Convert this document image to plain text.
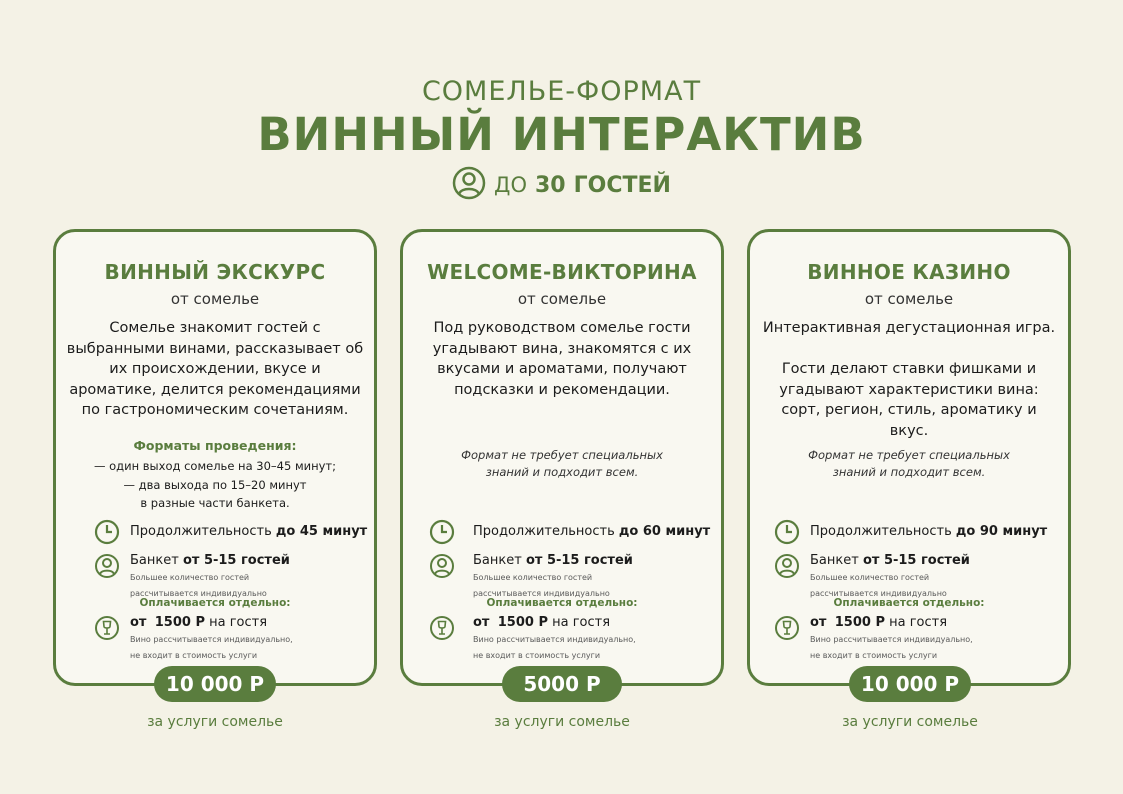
СОМЕЛЬЕ-ФОРМАТ
ВИННЫЙ ИНТЕРАКТИВ
ДО 30 ГОСТЕЙ
ВИННЫЙ ЭКСКУРС
от сомелье
Сомелье знакомит гостей с выбранными винами, рассказывает об их происхождении, вкусе и ароматике, делится рекомендациями по гастрономическим сочетаниям.
Форматы проведения:
— один выход сомелье на 30–45 минут;
— два выхода по 15–20 минут
в разные части банкета.
Продолжительность до 45 минут
Банкет от 5-15 гостей
Большее количество гостей
рассчитывается индивидуально
Оплачивается отдельно:
от 1500 Р на гостя
Вино рассчитывается индивидуально,
не входит в стоимость услуги
WELCOME-ВИКТОРИНА
от сомелье
Под руководством сомелье гости угадывают вина, знакомятся с их вкусами и ароматами, получают подсказки и рекомендации.
Формат не требует специальных
знаний и подходит всем.
Продолжительность до 60 минут
Банкет от 5-15 гостей
Большее количество гостей
рассчитывается индивидуально
Оплачивается отдельно:
от 1500 Р на гостя
Вино рассчитывается индивидуально,
не входит в стоимость услуги
ВИННОЕ КАЗИНО
от сомелье
Интерактивная дегустационная игра.
Гости делают ставки фишками и угадывают характеристики вина: сорт, регион, стиль, ароматику и вкус.
Формат не требует специальных
знаний и подходит всем.
Продолжительность до 90 минут
Банкет от 5-15 гостей
Большее количество гостей
рассчитывается индивидуально
Оплачивается отдельно:
от 1500 Р на гостя
Вино рассчитывается индивидуально,
не входит в стоимость услуги
10 000 Р	5000 Р	10 000 Р
за услуги сомелье	за услуги сомелье	за услуги сомелье
